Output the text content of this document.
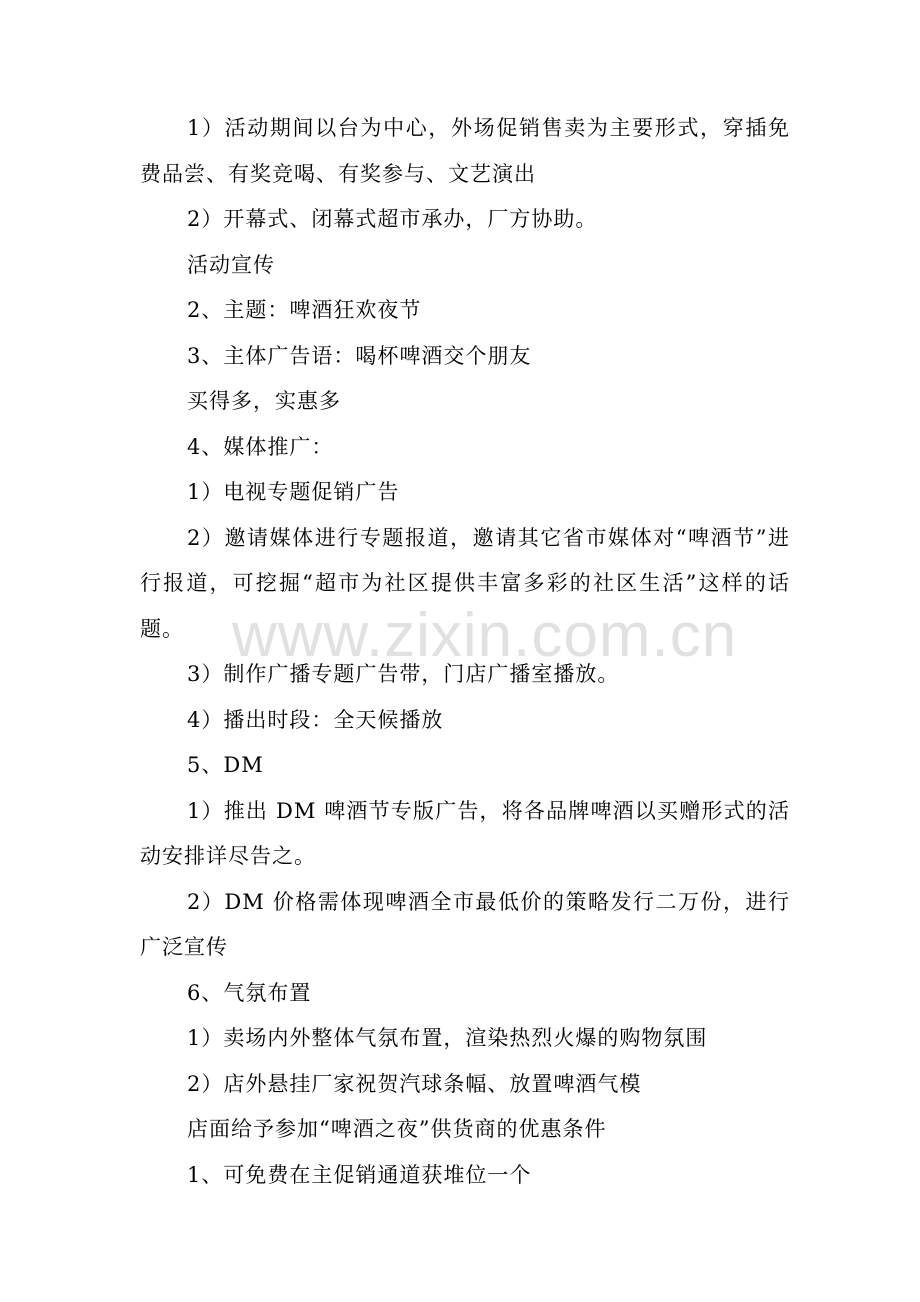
1）活动期间以台为中心，外场促销售卖为主要形式，穿插免费品尝、有奖竞喝、有奖参与、文艺演出

2）开幕式、闭幕式超市承办，厂方协助。

活动宣传

2、主题：啤酒狂欢夜节

3、主体广告语：喝杯啤酒交个朋友

买得多，实惠多

4、媒体推广：

1）电视专题促销广告

2）邀请媒体进行专题报道，邀请其它省市媒体对“啤酒节”进行报道，可挖掘“超市为社区提供丰富多彩的社区生活”这样的话题。

3）制作广播专题广告带，门店广播室播放。

4）播出时段：全天候播放

5、DM

1）推出 DM 啤酒节专版广告，将各品牌啤酒以买赠形式的活动安排详尽告之。

2）DM 价格需体现啤酒全市最低价的策略发行二万份，进行广泛宣传

6、气氛布置

1）卖场内外整体气氛布置，渲染热烈火爆的购物氛围

2）店外悬挂厂家祝贺汽球条幅、放置啤酒气模

店面给予参加“啤酒之夜”供货商的优惠条件

1、可免费在主促销通道获堆位一个

www.zixin.com.cn
